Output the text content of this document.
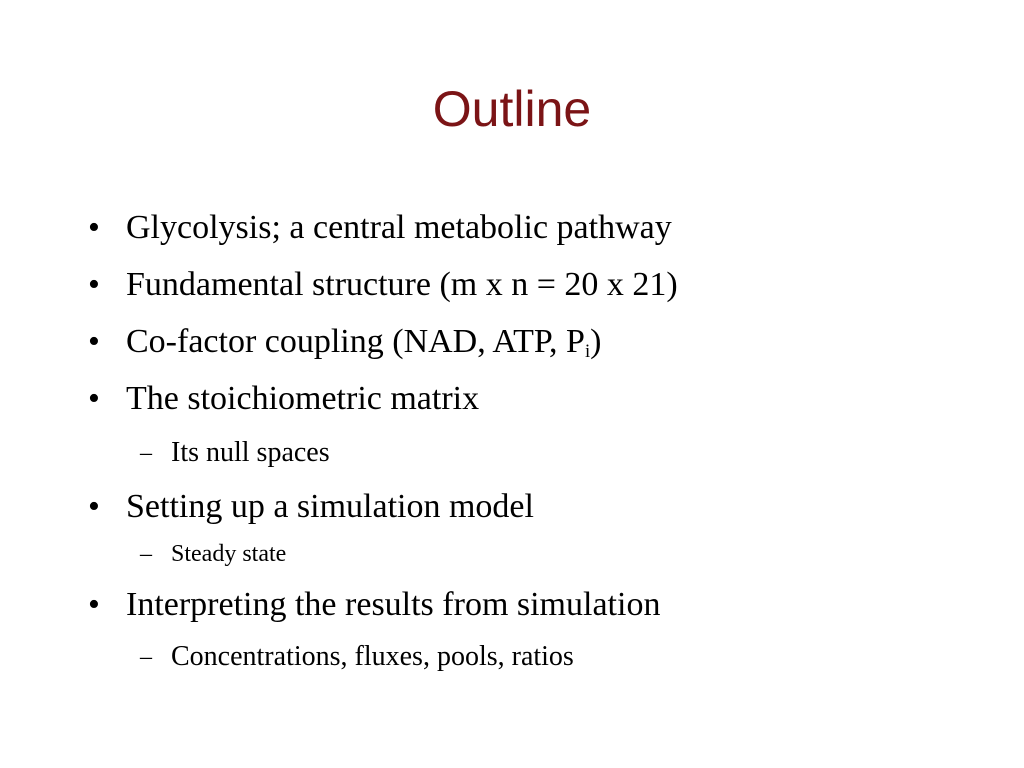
Outline
• Glycolysis; a central metabolic pathway
• Fundamental structure (m x n = 20 x 21)
• Co-factor coupling (NAD, ATP, $P_i$)
• The stoichiometric matrix
– Its null spaces
• Setting up a simulation model
– Steady state
• Interpreting the results from simulation
– Concentrations, fluxes, pools, ratios
